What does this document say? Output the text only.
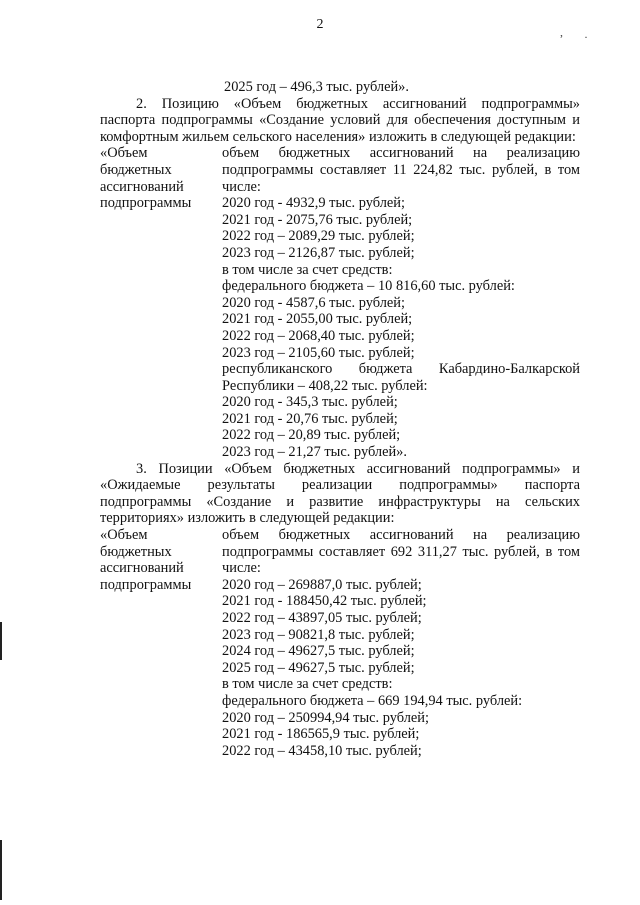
2	, ·
2025 год – 496,3 тыс. рублей».

2. Позицию «Объем бюджетных ассигнований подпрограммы» паспорта подпрограммы «Создание условий для обеспечения доступным и комфортным жильем сельского населения» изложить в следующей редакции:

«Объем
бюджетных
ассигнований
подпрограммы
объем бюджетных ассигнований на реализацию подпрограммы составляет 11 224,82 тыс. рублей, в том числе:
2020 год - 4932,9 тыс. рублей;
2021 год - 2075,76 тыс. рублей;
2022 год – 2089,29 тыс. рублей;
2023 год – 2126,87 тыс. рублей;
в том числе за счет средств:
федерального бюджета – 10 816,60 тыс. рублей:
2020 год - 4587,6 тыс. рублей;
2021 год - 2055,00 тыс. рублей;
2022 год – 2068,40 тыс. рублей;
2023 год – 2105,60 тыс. рублей;
республиканского бюджета Кабардино-Балкарской Республики – 408,22 тыс. рублей:
2020 год - 345,3 тыс. рублей;
2021 год - 20,76 тыс. рублей;
2022 год – 20,89 тыс. рублей;
2023 год – 21,27 тыс. рублей».

3. Позиции «Объем бюджетных ассигнований подпрограммы» и «Ожидаемые результаты реализации подпрограммы» паспорта подпрограммы «Создание и развитие инфраструктуры на сельских территориях» изложить в следующей редакции:

«Объем
бюджетных
ассигнований
подпрограммы
объем бюджетных ассигнований на реализацию подпрограммы составляет 692 311,27 тыс. рублей, в том числе:
2020 год – 269887,0 тыс. рублей;
2021 год - 188450,42 тыс. рублей;
2022 год – 43897,05 тыс. рублей;
2023 год – 90821,8 тыс. рублей;
2024 год – 49627,5 тыс. рублей;
2025 год – 49627,5 тыс. рублей;
в том числе за счет средств:
федерального бюджета – 669 194,94 тыс. рублей:
2020 год – 250994,94 тыс. рублей;
2021 год - 186565,9 тыс. рублей;
2022 год – 43458,10 тыс. рублей;
